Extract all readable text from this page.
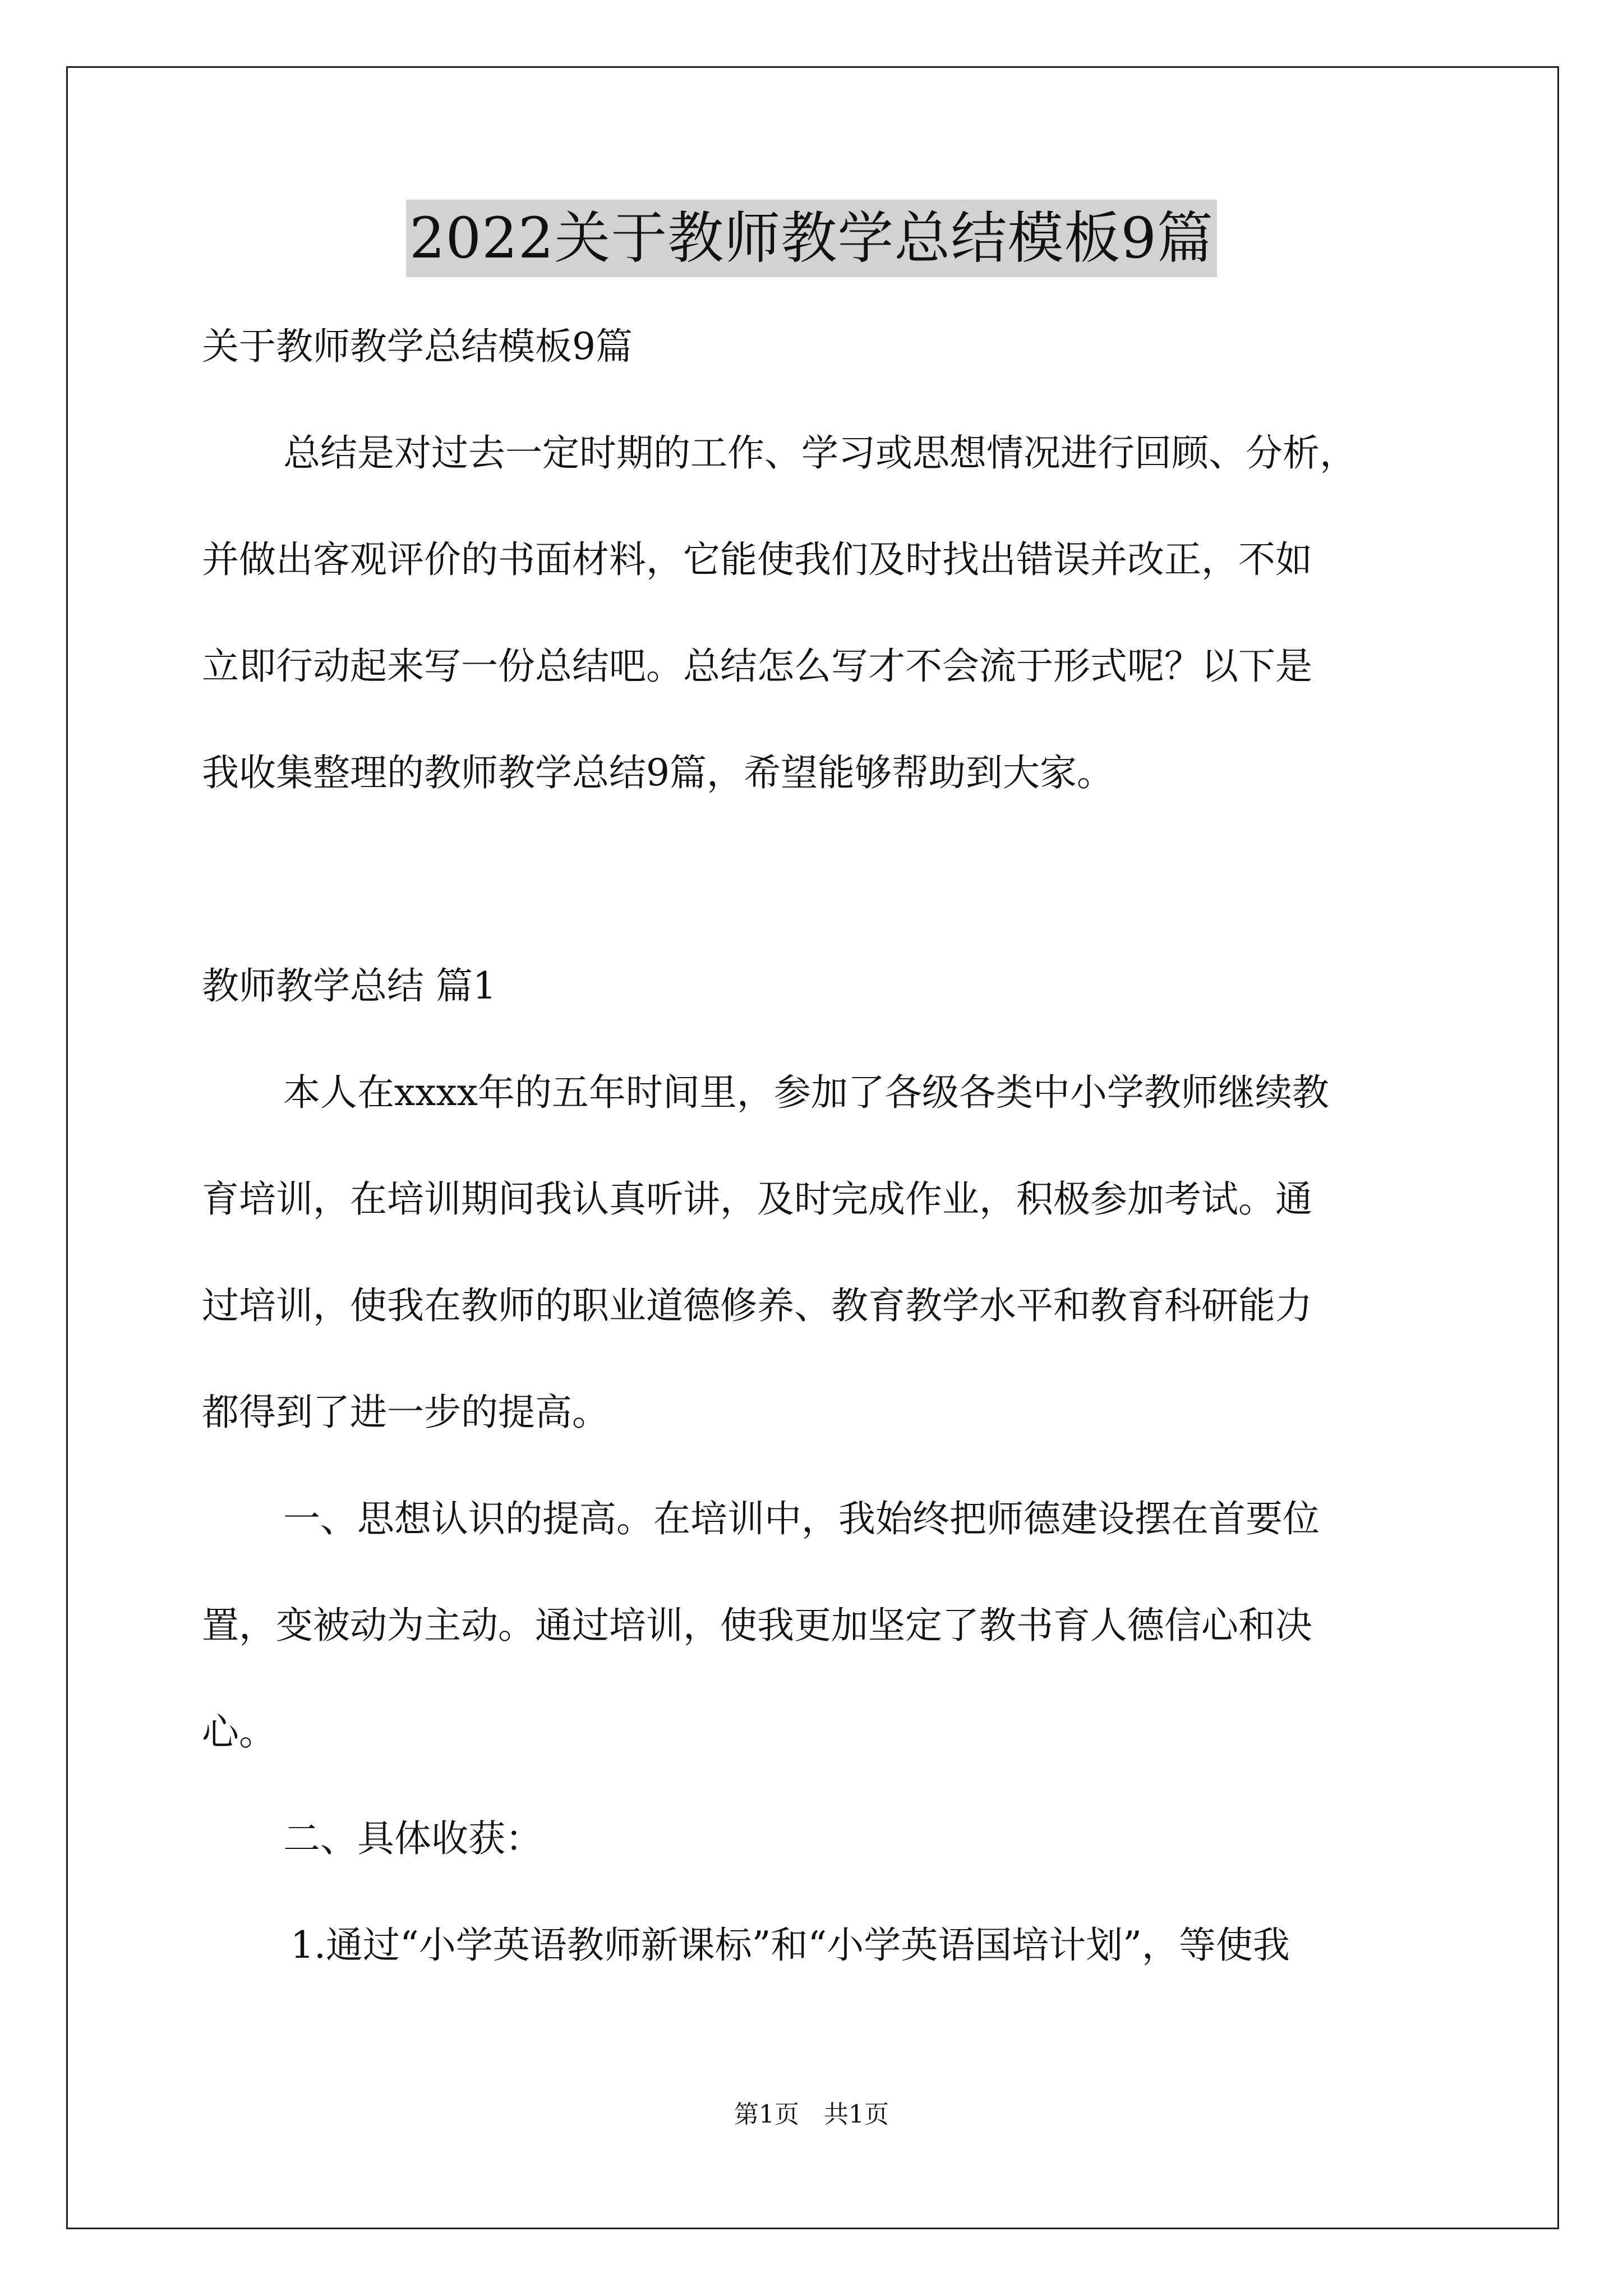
2022关于教师教学总结模板9篇

关于教师教学总结模板9篇

总结是对过去一定时期的工作、学习或思想情况进行回顾、分析，

并做出客观评价的书面材料，它能使我们及时找出错误并改正，不如

立即行动起来写一份总结吧。总结怎么写才不会流于形式呢？以下是

我收集整理的教师教学总结9篇，希望能够帮助到大家。

教师教学总结 篇1

本人在xxxx年的五年时间里，参加了各级各类中小学教师继续教

育培训，在培训期间我认真听讲，及时完成作业，积极参加考试。通

过培训，使我在教师的职业道德修养、教育教学水平和教育科研能力

都得到了进一步的提高。

一、思想认识的提高。在培训中，我始终把师德建设摆在首要位

置，变被动为主动。通过培训，使我更加坚定了教书育人德信心和决

心。

二、具体收获：

1.通过“小学英语教师新课标”和“小学英语国培计划”，等使我

第1页　共1页
